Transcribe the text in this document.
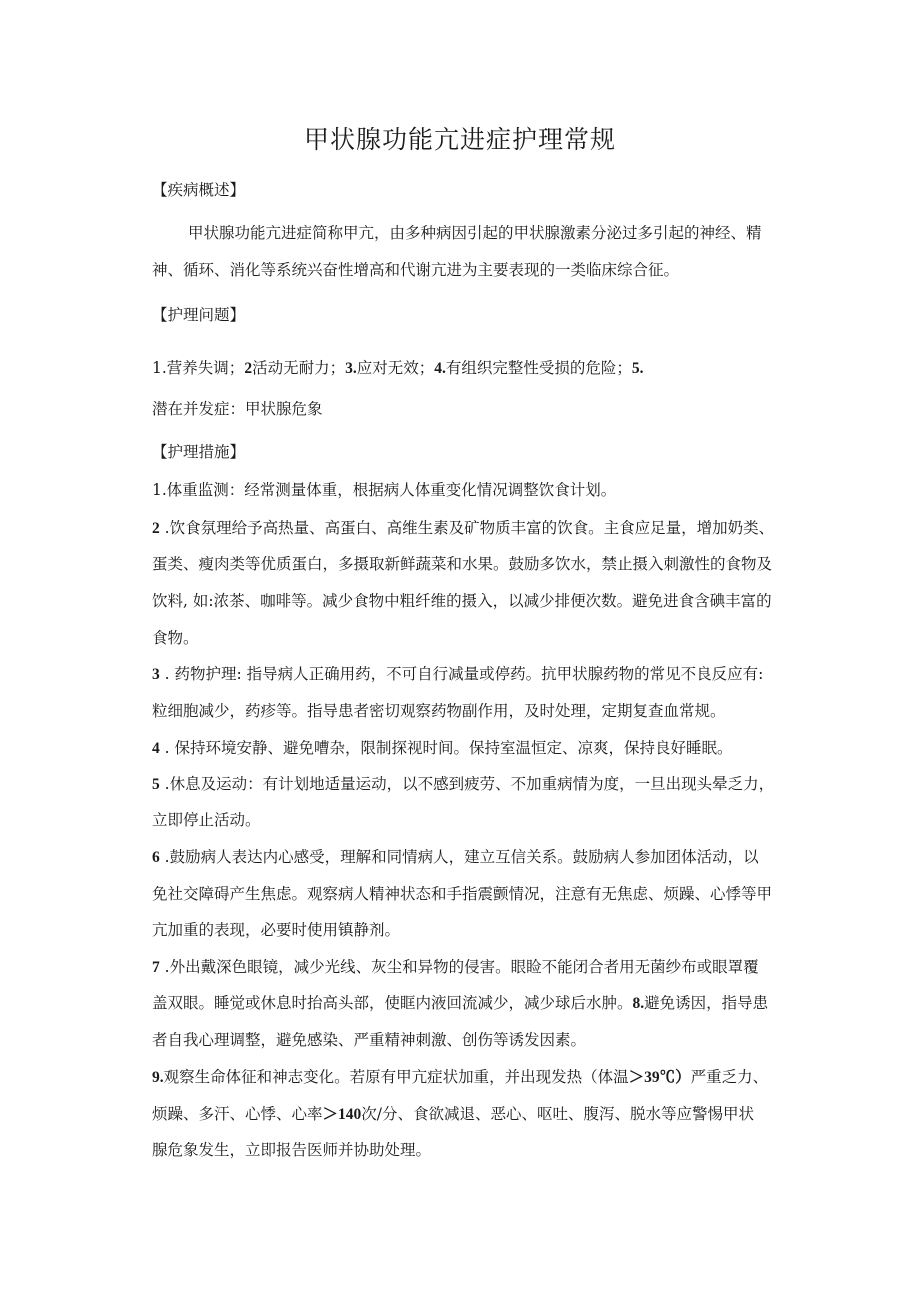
甲状腺功能亢进症护理常规
【疾病概述】
甲状腺功能亢进症简称甲亢，由多种病因引起的甲状腺激素分泌过多引起的神经、精
神、循环、消化等系统兴奋性增高和代谢亢进为主要表现的一类临床综合征。
【护理问题】
1.营养失调；2活动无耐力；3.应对无效；4.有组织完整性受损的危险；5.
潜在并发症：甲状腺危象
【护理措施】
1.体重监测：经常测量体重，根据病人体重变化情况调整饮食计划。
2 .饮食氛理给予高热量、高蛋白、高维生素及矿物质丰富的饮食。主食应足量，增加奶类、
蛋类、瘦肉类等优质蛋白，多摄取新鲜蔬菜和水果。鼓励多饮水，禁止摄入刺激性的食物及
饮料, 如:浓茶、咖啡等。减少食物中粗纤维的摄入，以减少排便次数。避免进食含碘丰富的
食物。
3 . 药物护理: 指导病人正确用药，不可自行减量或停药。抗甲状腺药物的常见不良反应有:
粒细胞减少，药疹等。指导患者密切观察药物副作用，及时处理，定期复查血常规。
4 . 保持环境安静、避免嘈杂，限制探视时间。保持室温恒定、凉爽，保持良好睡眠。
5 .休息及运动：有计划地适量运动，以不感到疲劳、不加重病情为度，一旦出现头晕乏力，
立即停止活动。
6 .鼓励病人表达内心感受，理解和同情病人，建立互信关系。鼓励病人参加团体活动，以
免社交障碍产生焦虑。观察病人精神状态和手指震颤情况，注意有无焦虑、烦躁、心悸等甲
亢加重的表现，必要时使用镇静剂。
7 .外出戴深色眼镜，减少光线、灰尘和异物的侵害。眼睑不能闭合者用无菌纱布或眼罩覆
盖双眼。睡觉或休息时抬高头部，使眶内液回流减少，减少球后水肿。8.避免诱因，指导患
者自我心理调整，避免感染、严重精神刺激、创伤等诱发因素。
9.观察生命体征和神志变化。若原有甲亢症状加重，并出现发热（体温＞39℃）严重乏力、
烦躁、多汗、心悸、心率＞140次/分、食欲减退、恶心、呕吐、腹泻、脱水等应警惕甲状
腺危象发生，立即报告医师并协助处理。
